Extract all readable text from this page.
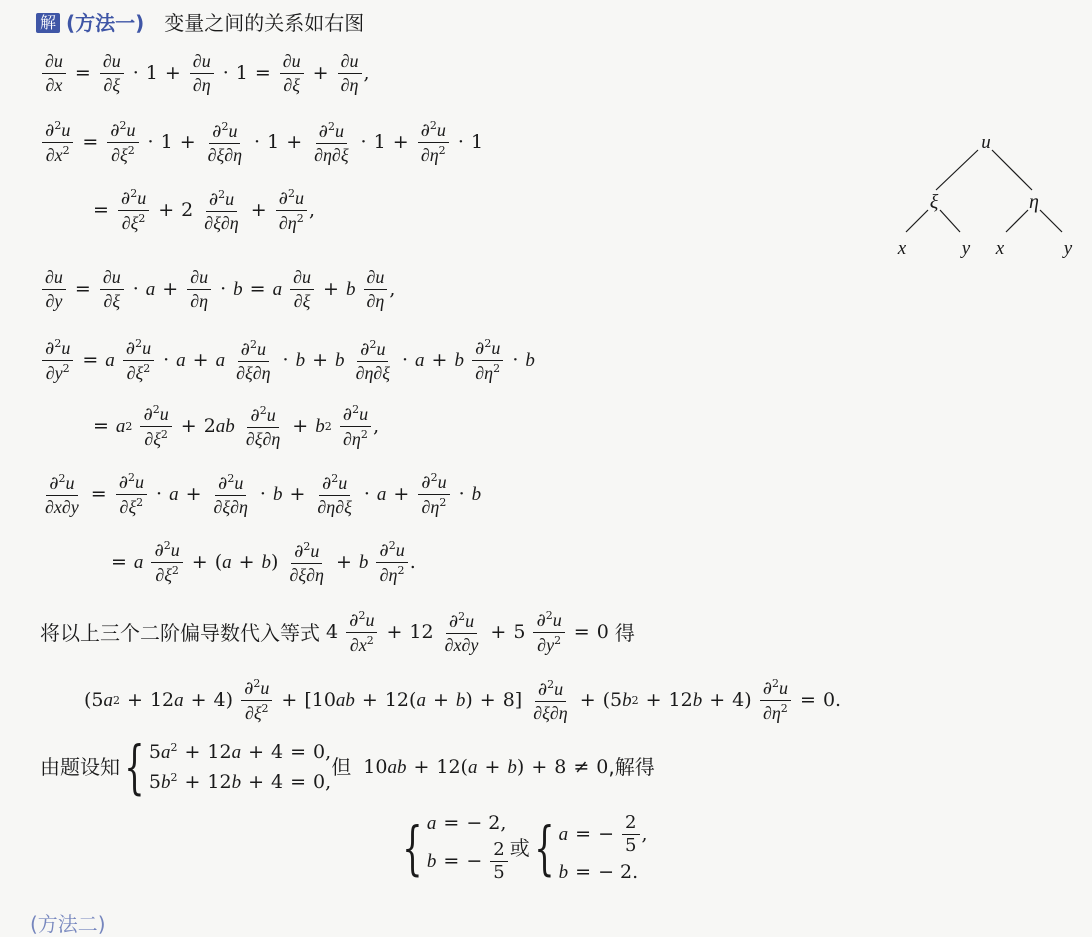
解 (方法一) 变量之间的关系如右图
$\frac{\partial u}{\partial x} = \frac{\partial u}{\partial\xi} \cdot 1 + \frac{\partial u}{\partial\eta} \cdot 1 = \frac{\partial u}{\partial\xi} + \frac{\partial u}{\partial\eta}$ ,
$\frac{\partial^2u}{\partial x^2} = \frac{\partial^2u}{\partial\xi^2} \cdot 1 + \frac{\partial^2u}{\partial\xi\partial\eta} \cdot 1 + \frac{\partial^2u}{\partial\eta\partial\xi} \cdot 1 + \frac{\partial^2u}{\partial\eta^2} \cdot 1$
= $\frac{\partial^2u}{\partial\xi^2} + 2 \frac{\partial^2u}{\partial\xi\partial\eta} + \frac{\partial^2u}{\partial\eta^2}$ ,
u
ξ	η
x	y x	y
$\frac{\partial u}{\partial y} = \frac{\partial u}{\partial\xi} \cdot a + \frac{\partial u}{\partial\eta} \cdot b = a$
$\frac{\partial u}{\partial\xi} + b$
$\frac{\partial u}{\partial\eta}$ ,
$\frac{\partial^2u}{\partial y^2} = a$
$\frac{\partial^2u}{\partial\xi^2} \cdot a + a$
$\frac{\partial^2u}{\partial\xi\partial\eta} \cdot b + b$
$\frac{\partial^2u}{\partial\eta\partial\xi} \cdot a + b$
$\frac{\partial^2u}{\partial\eta^2} \cdot b$
= a 2
$\frac{\partial^2u}{\partial\xi^2} + 2$ ab
$\frac{\partial^2u}{\partial\xi\partial\eta} + b$ 2
$\frac{\partial^2u}{\partial\eta^2}$ ,
$\frac{\partial^2u}{\partial x\partial y} = \frac{\partial^2u}{\partial\xi^2} \cdot a + \frac{\partial^2u}{\partial\xi\partial\eta} \cdot b + \frac{\partial^2u}{\partial\eta\partial\xi} \cdot a + \frac{\partial^2u}{\partial\eta^2} \cdot b$
= a
$\frac{\partial^2u}{\partial\xi^2}$ + ( a + b ) $\frac{\partial^2u}{\partial\xi\partial\eta} + b$
$\frac{\partial^2u}{\partial\eta^2}$ .
将以上三个二阶偏导数代入等式 $4 \frac{\partial^2u}{\partial x^2} + 12 \frac{\partial^2u}{\partial x\partial y} + 5 \frac{\partial^2u}{\partial y^2} = 0$ 得
(5 a 2 + 12 $a + 4) \frac{\partial^2u}{\partial\xi^2} + [10$ ab + 12( a + b ) + $8] \frac{\partial^2u}{\partial\xi\partial\eta} + (5$ b 2 + 12 $b + 4) \frac{\partial^2u}{\partial\eta^2} = 0$.
由题设知 { $5a^2 + 12a + 4 = 0$,
$5b^2 + 12b + 4 = 0$,
但 10 ab + 12( a + b ) + 8 ≠ 0 ,解得
{ a = − 2,
b = − $\frac{2}{5}$ 或 { a = − $\frac{2}{5}$ ,
b = − 2.
(方法二)
